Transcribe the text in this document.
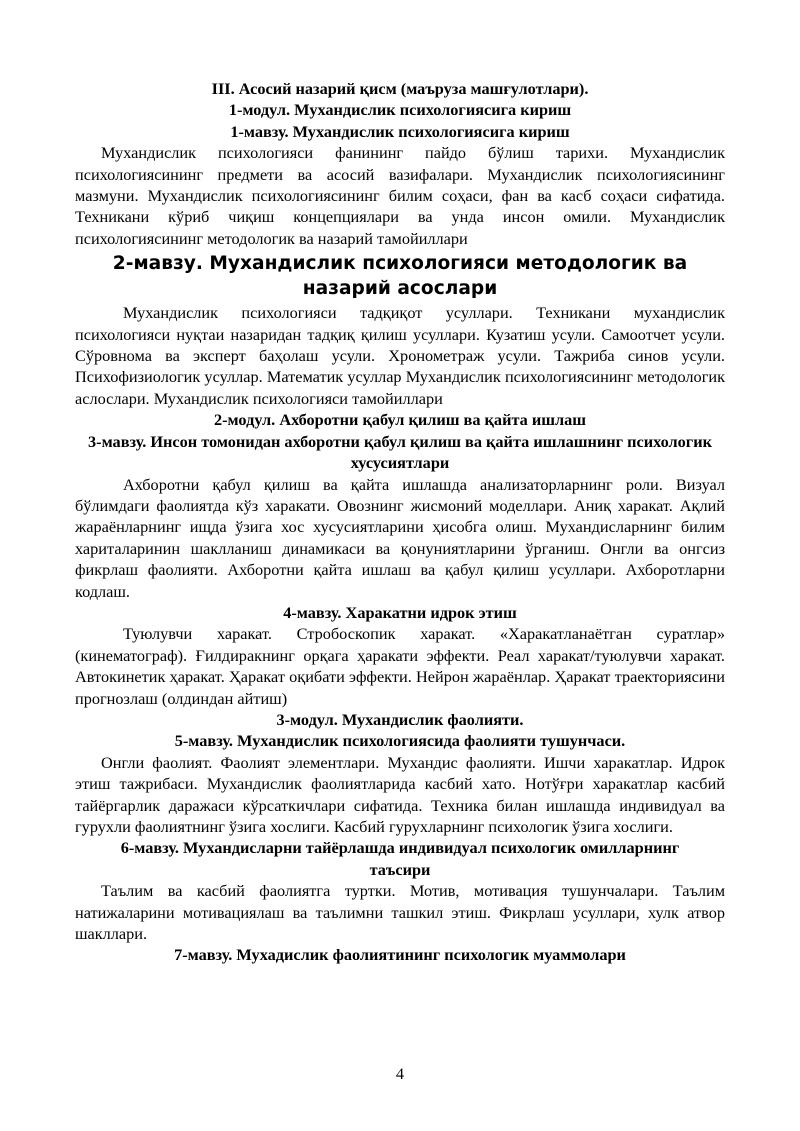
III. Асосий назарий қисм (маъруза машғулотлари).

1-модул. Мухандислик психологиясига кириш

1-мавзу. Мухандислик психологиясига кириш

Мухандислик психологияси фанининг пайдо бўлиш тарихи. Мухандислик психологиясининг предмети ва асосий вазифалари. Мухандислик психологиясининг мазмуни. Мухандислик психологиясининг билим соҳаси, фан ва касб соҳаси сифатида. Техникани кўриб чиқиш концепциялари ва унда инсон омили. Мухандислик психологиясининг методологик ва назарий тамойиллари

2-мавзу. Мухандислик психологияси методологик ва назарий асослари

Мухандислик психологияси тадқиқот усуллари. Техникани мухандислик психологияси нуқтаи назаридан тадқиқ қилиш усуллари. Кузатиш усули. Самоотчет усули. Сўровнома ва эксперт баҳолаш усули. Хронометраж усули. Тажриба синов усули. Психофизиологик усуллар. Математик усуллар Мухандислик психологиясининг методологик аслослари. Мухандислик психологияси тамойиллари

2-модул. Ахборотни қабул қилиш ва қайта ишлаш

3-мавзу. Инсон томонидан ахборотни қабул қилиш ва қайта ишлашнинг психологик хусусиятлари

Ахборотни қабул қилиш ва қайта ишлашда анализаторларнинг роли. Визуал бўлимдаги фаолиятда кўз харакати. Овознинг жисмоний моделлари. Аниқ харакат. Ақлий жараёнларнинг ищда ўзига хос хусусиятларини ҳисобга олиш. Мухандисларнинг билим хариталаринин шаклланиш динамикаси ва қонуниятларини ўрганиш. Онгли ва онгсиз фикрлаш фаолияти. Ахборотни қайта ишлаш ва қабул қилиш усуллари. Ахборотларни кодлаш.

4-мавзу. Харакатни идрок этиш

Туюлувчи харакат. Стробоскопик харакат. «Харакатланаётган суратлар» (кинематограф). Ғилдиракнинг орқага ҳаракати эффекти. Реал харакат/туюлувчи харакат. Автокинетик ҳаракат. Ҳаракат оқибати эффекти. Нейрон жараёнлар. Ҳаракат траекториясини прогнозлаш (олдиндан айтиш)

3-модул. Мухандислик фаолияти.

5-мавзу. Мухандислик психологиясида фаолияти тушунчаси.

Онгли фаолият. Фаолият элементлари. Мухандис фаолияти. Ишчи харакатлар. Идрок этиш тажрибаси. Мухандислик фаолиятларида касбий хато. Нотўғри харакатлар касбий тайёргарлик даражаси кўрсаткичлари сифатида. Техника билан ишлашда индивидуал ва гурухли фаолиятнинг ўзига хослиги. Касбий гурухларнинг психологик ўзига хослиги.

6-мавзу. Мухандисларни тайёрлашда индивидуал психологик омилларнинг таъсири

Таълим ва касбий фаолиятга туртки. Мотив, мотивация тушунчалари. Таълим натижаларини мотивациялаш ва таълимни ташкил этиш. Фикрлаш усуллари, хулк атвор шакллари.

7-мавзу. Мухадислик фаолиятининг психологик муаммолари

4
